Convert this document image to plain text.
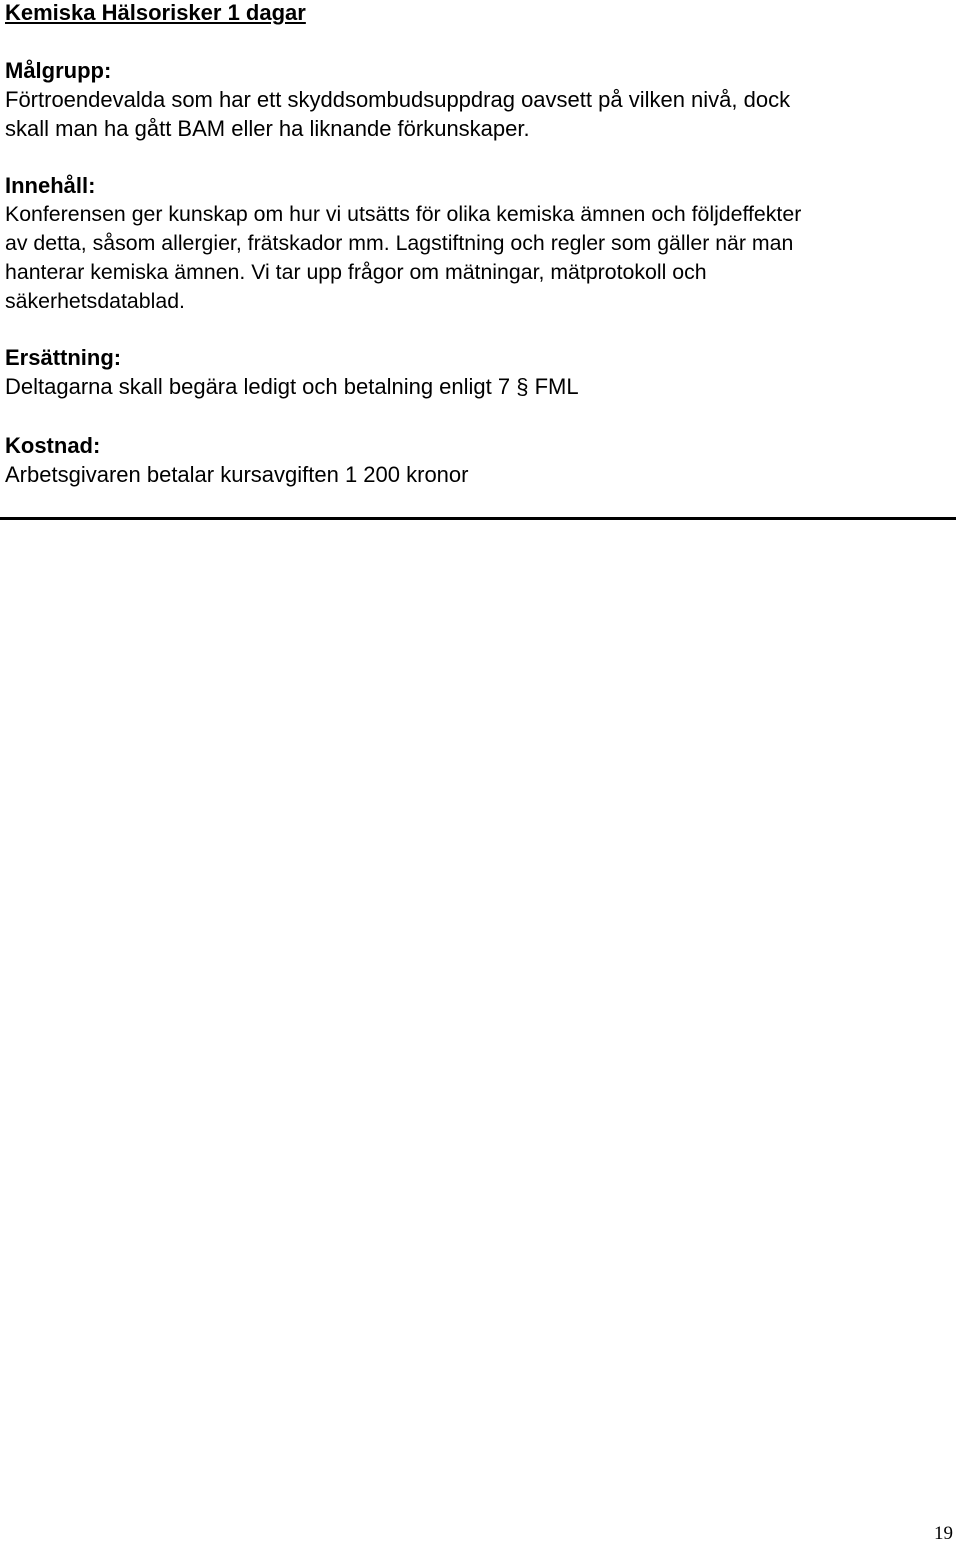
Kemiska Hälsorisker 1 dagar
Målgrupp:
Förtroendevalda som har ett skyddsombudsuppdrag oavsett på vilken nivå, dock
skall man ha gått BAM eller ha liknande förkunskaper.
Innehåll:
Konferensen ger kunskap om hur vi utsätts för olika kemiska ämnen och följdeffekter
av detta, såsom allergier, frätskador mm. Lagstiftning och regler som gäller när man
hanterar kemiska ämnen. Vi tar upp frågor om mätningar, mätprotokoll och
säkerhetsdatablad.
Ersättning:
Deltagarna skall begära ledigt och betalning enligt 7 § FML
Kostnad:
Arbetsgivaren betalar kursavgiften 1 200 kronor
19
